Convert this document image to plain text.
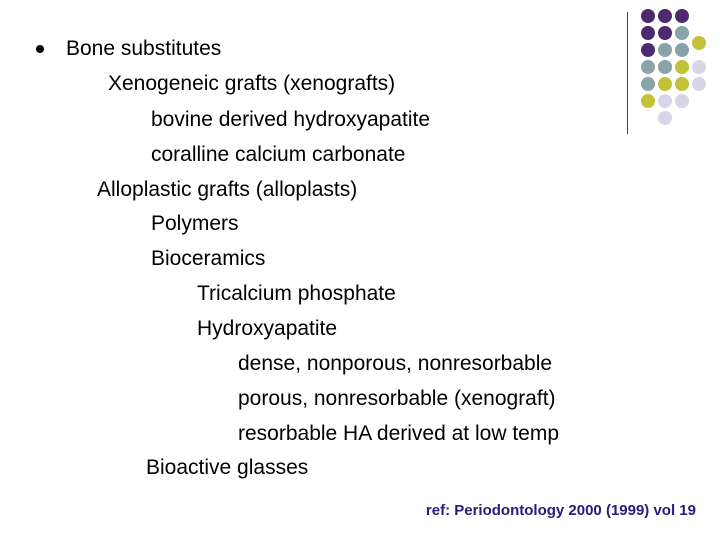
Bone substitutes
Xenogeneic grafts (xenografts)
bovine derived hydroxyapatite
coralline calcium carbonate
Alloplastic grafts (alloplasts)
Polymers
Bioceramics
Tricalcium phosphate
Hydroxyapatite
dense, nonporous, nonresorbable
porous, nonresorbable (xenograft)
resorbable HA derived at low temp
Bioactive glasses
ref: Periodontology 2000 (1999) vol 19
